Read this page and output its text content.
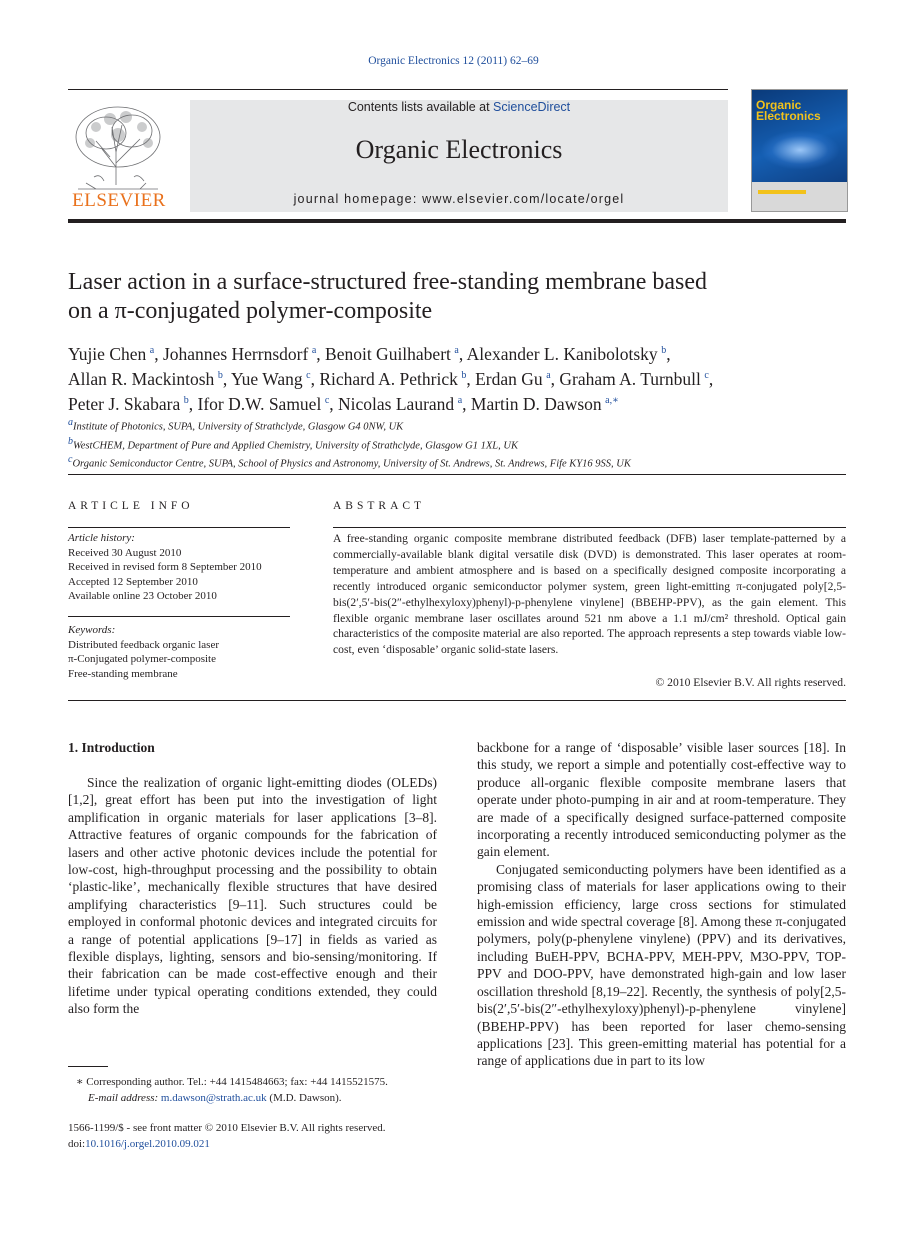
Organic Electronics 12 (2011) 62–69
ELSEVIER
Contents lists available at ScienceDirect
Organic Electronics
journal homepage: www.elsevier.com/locate/orgel
Organic
Electronics
Laser action in a surface-structured free-standing membrane based
on a π-conjugated polymer-composite
Yujie Chen  $^a$, Johannes Herrnsdorf  $^a$, Benoit Guilhabert  $^a$, Alexander L. Kanibolotsky  $^b$,
Allan R. Mackintosh  $^b$, Yue Wang  $^c$, Richard A. Pethrick  $^b$, Erdan Gu  $^a$, Graham A. Turnbull  $^c$,
Peter J. Skabara  $^b$, Ifor D.W. Samuel  $^c$, Nicolas Laurand  $^a$, Martin D. Dawson  $^{a,∗}$
$^a$Institute of Photonics, SUPA, University of Strathclyde, Glasgow G4 0NW, UK
$^b$WestCHEM, Department of Pure and Applied Chemistry, University of Strathclyde, Glasgow G1 1XL, UK
$^c$Organic Semiconductor Centre, SUPA, School of Physics and Astronomy, University of St. Andrews, St. Andrews, Fife KY16 9SS, UK
ARTICLE INFO
Article history:
Received 30 August 2010
Received in revised form 8 September 2010
Accepted 12 September 2010
Available online 23 October 2010
Keywords:
Distributed feedback organic laser
π-Conjugated polymer-composite
Free-standing membrane
ABSTRACT
A free-standing organic composite membrane distributed feedback (DFB) laser template-patterned by a commercially-available blank digital versatile disk (DVD) is demonstrated. This laser operates at room-temperature and ambient atmosphere and is based on a specifically designed composite incorporating a recently introduced organic semiconductor polymer system, green light-emitting π-conjugated poly[2,5-bis(2′,5′-bis(2″-ethylhexyloxy)phenyl)-p-phenylene vinylene] (BBEHP-PPV), as the gain element. This flexible organic membrane laser oscillates around 521 nm above a 1.1 mJ/cm² threshold. Optical gain characteristics of the composite material are also reported. The approach represents a step towards viable low-cost, even ‘disposable’ organic solid-state lasers.
© 2010 Elsevier B.V. All rights reserved.
1. Introduction

Since the realization of organic light-emitting diodes (OLEDs) [1,2], great effort has been put into the investigation of light amplification in organic materials for laser applications [3–8]. Attractive features of organic compounds for the fabrication of lasers and other active photonic devices include the potential for low-cost, high-throughput processing and the possibility to obtain ‘plastic-like’, mechanically flexible structures that have desired amplifying characteristics [9–11]. Such structures could be employed in conformal photonic devices and integrated circuits for a range of potential applications [9–17] in fields as varied as flexible displays, lighting, sensors and bio-sensing/monitoring. If their fabrication can be made cost-effective enough and their lifetime under typical operating conditions extended, they could also form the

backbone for a range of ‘disposable’ visible laser sources [18]. In this study, we report a simple and potentially cost-effective way to produce all-organic flexible composite membrane lasers that operate under photo-pumping in air and at room-temperature. They are made of a specifically designed surface-patterned composite incorporating a recently introduced semiconducting polymer as the gain element.

Conjugated semiconducting polymers have been identified as a promising class of materials for laser applications owing to their high-emission efficiency, large cross sections for stimulated emission and wide spectral coverage [8]. Among these π-conjugated polymers, poly(p-phenylene vinylene) (PPV) and its derivatives, including BuEH-PPV, BCHA-PPV, MEH-PPV, M3O-PPV, TOP-PPV and DOO-PPV, have demonstrated high-gain and low laser oscillation threshold [8,19–22]. Recently, the synthesis of poly[2,5-bis(2′,5′-bis(2″-ethylhexyloxy)phenyl)-p-phenylene vinylene] (BBEHP-PPV) has been reported for laser chemo-sensing applications [23]. This green-emitting material has potential for a range of applications due in part to its low

∗ Corresponding author. Tel.: +44 1415484663; fax: +44 1415521575.
E-mail address: m.dawson@strath.ac.uk (M.D. Dawson).
1566-1199/$ - see front matter © 2010 Elsevier B.V. All rights reserved.
doi:10.1016/j.orgel.2010.09.021
